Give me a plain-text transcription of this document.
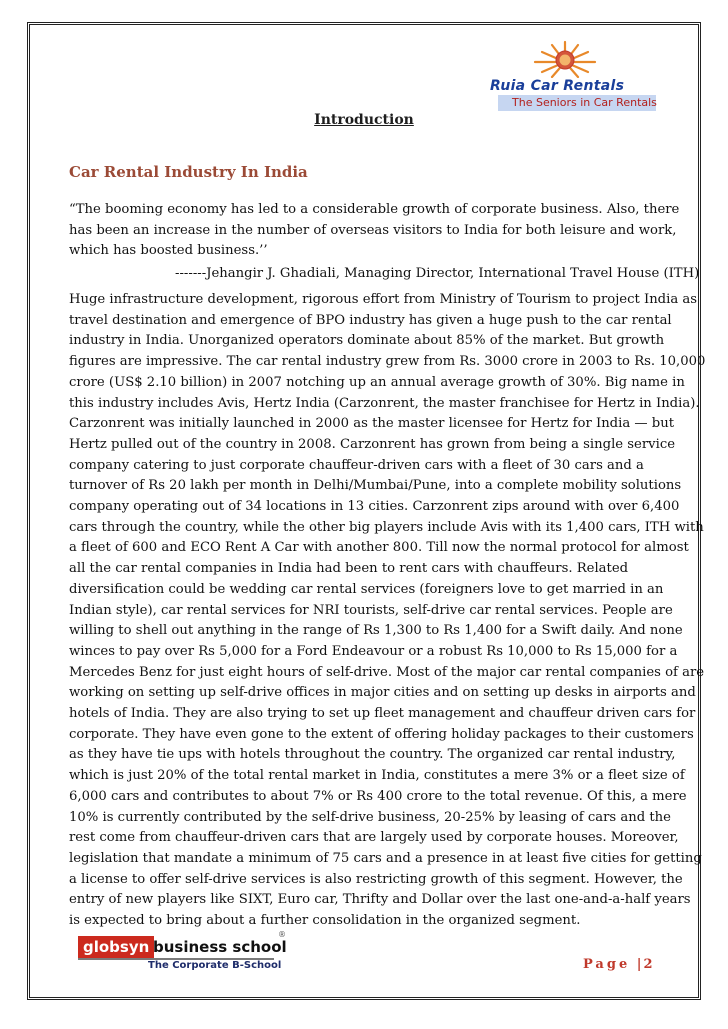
Ruia Car Rentals
The Seniors in Car Rentals
Introduction
Car Rental Industry In India
“The booming economy has led to a considerable growth of corporate business. Also, there
has been an increase in the number of overseas visitors to India for both leisure and work,
which has boosted business.’’
-------Jehangir J. Ghadiali, Managing Director, International Travel House (ITH)
Huge infrastructure development, rigorous effort from Ministry of Tourism to project India as
travel destination and emergence of BPO industry has given a huge push to the car rental
industry in India. Unorganized operators dominate about 85% of the market. But growth
figures are impressive. The car rental industry grew from Rs. 3000 crore in 2003 to Rs. 10,000
crore (US$ 2.10 billion) in 2007 notching up an annual average growth of 30%. Big name in
this industry includes Avis, Hertz India (Carzonrent, the master franchisee for Hertz in India).
Carzonrent was initially launched in 2000 as the master licensee for Hertz for India — but
Hertz pulled out of the country in 2008. Carzonrent has grown from being a single service
company catering to just corporate chauffeur-driven cars with a fleet of 30 cars and a
turnover of Rs 20 lakh per month in Delhi/Mumbai/Pune, into a complete mobility solutions
company operating out of 34 locations in 13 cities. Carzonrent zips around with over 6,400
cars through the country, while the other big players include Avis with its 1,400 cars, ITH with
a fleet of 600 and ECO Rent A Car with another 800. Till now the normal protocol for almost
all the car rental companies in India had been to rent cars with chauffeurs. Related
diversification could be wedding car rental services (foreigners love to get married in an
Indian style), car rental services for NRI tourists, self-drive car rental services. People are
willing to shell out anything in the range of Rs 1,300 to Rs 1,400 for a Swift daily. And none
winces to pay over Rs 5,000 for a Ford Endeavour or a robust Rs 10,000 to Rs 15,000 for a
Mercedes Benz for just eight hours of self-drive. Most of the major car rental companies of are
working on setting up self-drive offices in major cities and on setting up desks in airports and
hotels of India. They are also trying to set up fleet management and chauffeur driven cars for
corporate. They have even gone to the extent of offering holiday packages to their customers
as they have tie ups with hotels throughout the country. The organized car rental industry,
which is just 20% of the total rental market in India, constitutes a mere 3% or a fleet size of
6,000 cars and contributes to about 7% or Rs 400 crore to the total revenue. Of this, a mere
10% is currently contributed by the self-drive business, 20-25% by leasing of cars and the
rest come from chauffeur-driven cars that are largely used by corporate houses. Moreover,
legislation that mandate a minimum of 75 cars and a presence in at least five cities for getting
a license to offer self-drive services is also restricting growth of this segment. However, the
entry of new players like SIXT, Euro car, Thrifty and Dollar over the last one-and-a-half years
is expected to bring about a further consolidation in the organized segment.
globsyn business school
®
The Corporate B-School	Page |2
